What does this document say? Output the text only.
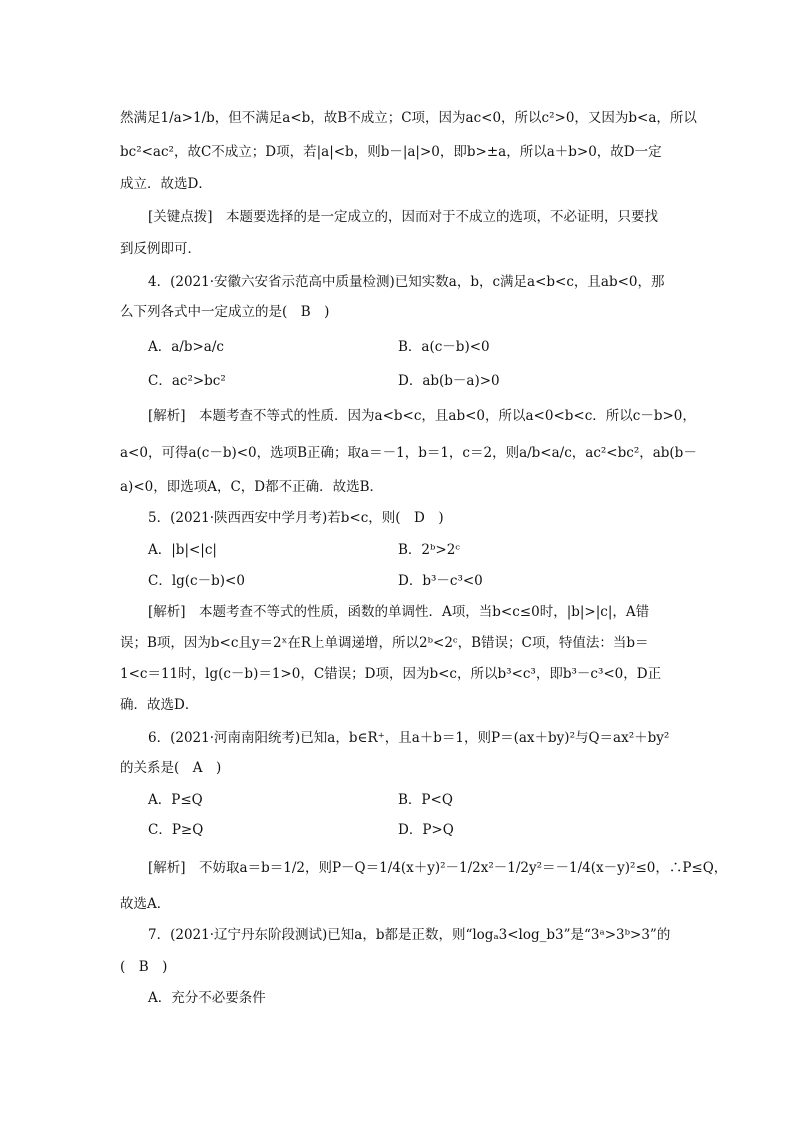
然满足1/a>1/b，但不满足a<b，故B不成立；C项，因为ac<0，所以c²>0，又因为b<a，所以
bc²<ac²，故C不成立；D项，若|a|<b，则b－|a|>0，即b>±a，所以a＋b>0，故D一定
成立．故选D．
[关键点拨]　本题要选择的是一定成立的，因而对于不成立的选项，不必证明，只要找
到反例即可．
4．(2021·安徽六安省示范高中质量检测)已知实数a，b，c满足a<b<c，且ab<0，那
么下列各式中一定成立的是(　B　)
A．a/b>a/c	B．a(c－b)<0
C．ac²>bc²	D．ab(b－a)>0
[解析]　本题考查不等式的性质．因为a<b<c，且ab<0，所以a<0<b<c．所以c－b>0，
a<0，可得a(c－b)<0，选项B正确；取a＝－1，b＝1，c＝2，则a/b<a/c，ac²<bc²，ab(b－
a)<0，即选项A，C，D都不正确．故选B．
5．(2021·陕西西安中学月考)若b<c，则(　D　)
A．|b|<|c|	B．2ᵇ>2ᶜ
C．lg(c－b)<0	D．b³－c³<0
[解析]　本题考查不等式的性质，函数的单调性．A项，当b<c≤0时，|b|>|c|，A错
误；B项，因为b<c且y＝2ˣ在R上单调递增，所以2ᵇ<2ᶜ，B错误；C项，特值法：当b＝
1<c＝11时，lg(c－b)＝1>0，C错误；D项，因为b<c，所以b³<c³，即b³－c³<0，D正
确．故选D．
6．(2021·河南南阳统考)已知a，b∈R⁺，且a＋b＝1，则P＝(ax＋by)²与Q＝ax²＋by²
的关系是(　A　)
A．P≤Q	B．P<Q
C．P≥Q	D．P>Q
[解析]　不妨取a＝b＝1/2，则P－Q＝1/4(x＋y)²－1/2x²－1/2y²＝－1/4(x－y)²≤0，∴P≤Q，
故选A．
7．(2021·辽宁丹东阶段测试)已知a，b都是正数，则“logₐ3<log_b3”是“3ᵃ>3ᵇ>3”的
(　B　)
A．充分不必要条件
